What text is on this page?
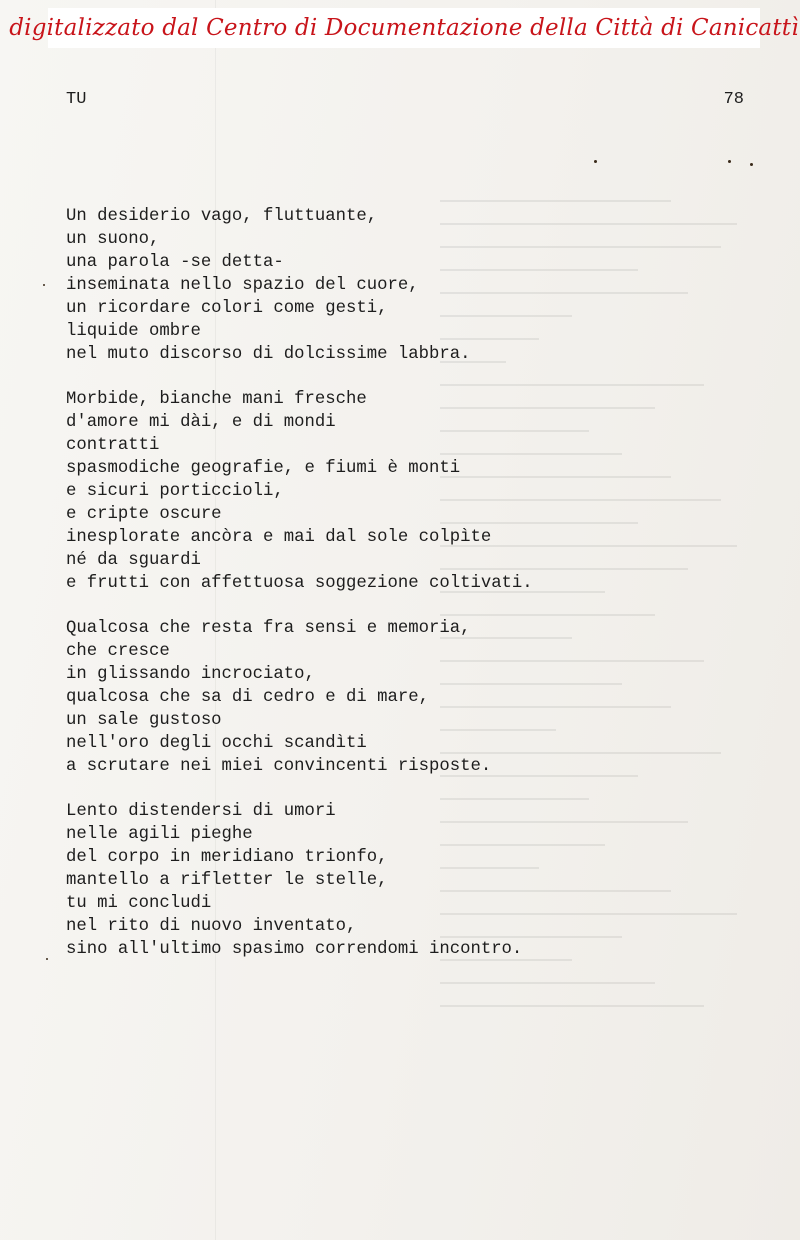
digitalizzato dal Centro di Documentazione della Città di Canicattì
TU	78
Un desiderio vago, fluttuante,
un suono,
una parola -se detta-
inseminata nello spazio del cuore,
un ricordare colori come gesti,
liquide ombre
nel muto discorso di dolcissime labbra.
Morbide, bianche mani fresche
d'amore mi dài, e di mondi
contratti
spasmodiche geografie, e fiumi è monti
e sicuri porticcioli,
e cripte oscure
inesplorate ancòra e mai dal sole colpìte
né da sguardi
e frutti con affettuosa soggezione coltivati.
Qualcosa che resta fra sensi e memoria,
che cresce
in glissando incrociato,
qualcosa che sa di cedro e di mare,
un sale gustoso
nell'oro degli occhi scandìti
a scrutare nei miei convincenti risposte.
Lento distendersi di umori
nelle agili pieghe
del corpo in meridiano trionfo,
mantello a rifletter le stelle,
tu mi concludi
nel rito di nuovo inventato,
sino all'ultimo spasimo correndomi incontro.
